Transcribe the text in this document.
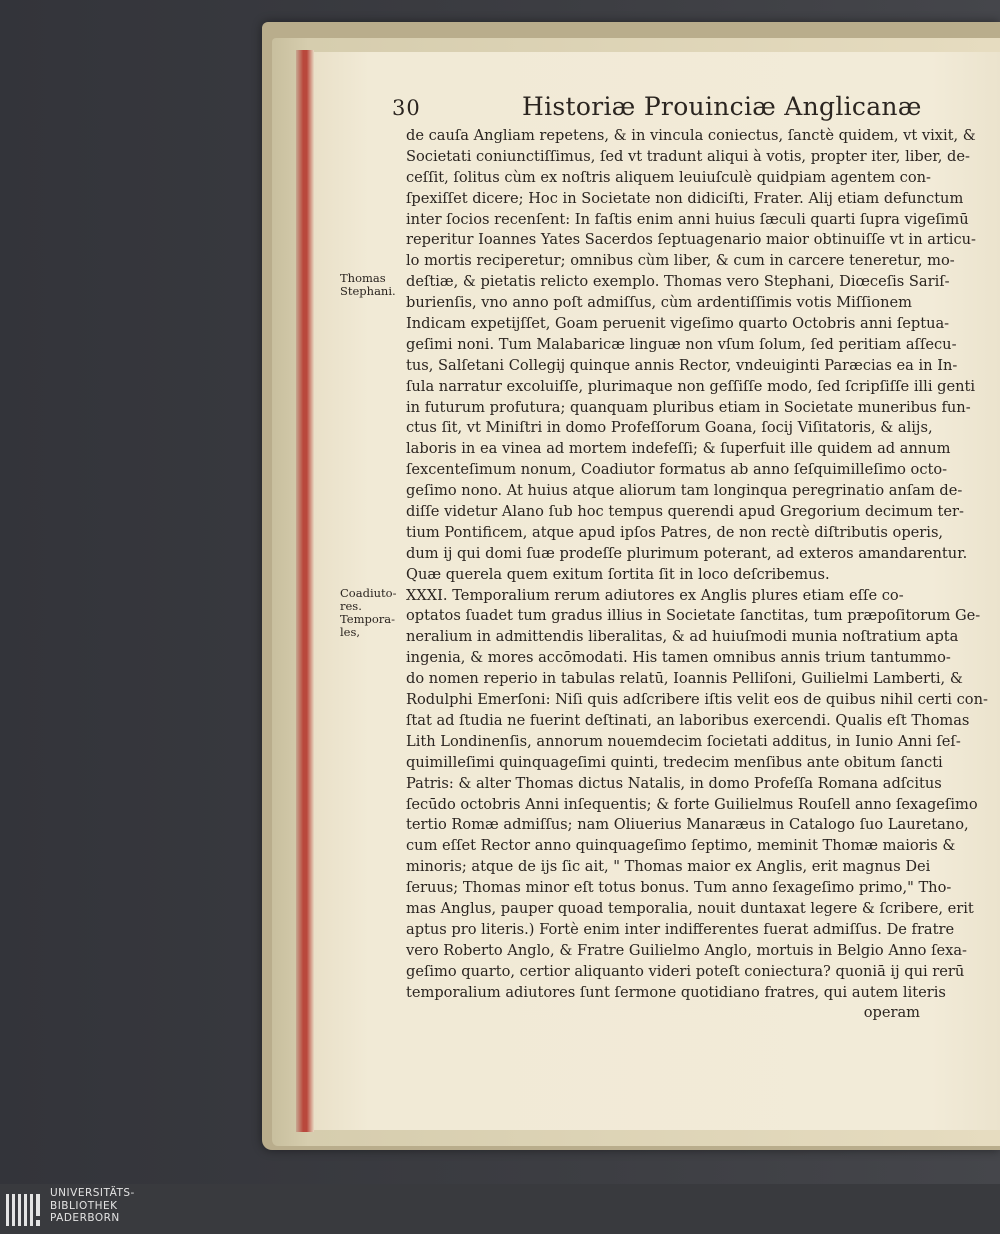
30	Historiæ Prouinciæ Anglicanæ
Thomas
Stephani.
Coadiuto-
res.
Tempora-
les,
de cauſa Angliam repetens, & in vincula coniectus, ſanctè quidem, vt vixit, &
Societati coniunctiſſimus, ſed vt tradunt aliqui à votis, propter iter, liber, de-
ceſſit, ſolitus cùm ex noſtris aliquem leuiuſculè quidpiam agentem con-
ſpexiſſet dicere; Hoc in Societate non didiciſti, Frater. Alij etiam defunctum
inter ſocios recenſent: In faſtis enim anni huius ſæculi quarti ſupra vigeſimū
reperitur Ioannes Yates Sacerdos ſeptuagenario maior obtinuiſſe vt in articu-
lo mortis reciperetur; omnibus cùm liber, & cum in carcere teneretur, mo-
deſtiæ, & pietatis relicto exemplo. Thomas vero Stephani, Diœceſis Sariſ-
burienſis, vno anno poſt admiſſus, cùm ardentiſſimis votis Miſſionem
Indicam expetijſſet, Goam peruenit vigeſimo quarto Octobris anni ſeptua-
geſimi noni. Tum Malabaricæ linguæ non vſum ſolum, ſed peritiam aſſecu-
tus, Salſetani Collegij quinque annis Rector, vndeuiginti Paræcias ea in In-
ſula narratur excoluiſſe, plurimaque non geſſiſſe modo, ſed ſcripſiſſe illi genti
in futurum profutura; quanquam pluribus etiam in Societate muneribus fun-
ctus ſit, vt Miniſtri in domo Profeſſorum Goana, ſocij Viſitatoris, & alijs,
laboris in ea vinea ad mortem indefeſſi; & ſuperfuit ille quidem ad annum
ſexcenteſimum nonum, Coadiutor formatus ab anno ſeſquimilleſimo octo-
geſimo nono. At huius atque aliorum tam longinqua peregrinatio anſam de-
diſſe videtur Alano ſub hoc tempus querendi apud Gregorium decimum ter-
tium Pontificem, atque apud ipſos Patres, de non rectè diſtributis operis,
dum ij qui domi ſuæ prodeſſe plurimum poterant, ad exteros amandarentur.
Quæ querela quem exitum ſortita ſit in loco deſcribemus.
XXXI. Temporalium rerum adiutores ex Anglis plures etiam eſſe co-
optatos ſuadet tum gradus illius in Societate ſanctitas, tum præpoſitorum Ge-
neralium in admittendis liberalitas, & ad huiuſmodi munia noſtratium apta
ingenia, & mores accōmodati. His tamen omnibus annis trium tantummo-
do nomen reperio in tabulas relatū, Ioannis Pelliſoni, Guilielmi Lamberti, &
Rodulphi Emerſoni: Niſi quis adſcribere iſtis velit eos de quibus nihil certi con-
ſtat ad ſtudia ne fuerint deſtinati, an laboribus exercendi. Qualis eſt Thomas
Lith Londinenſis, annorum nouemdecim ſocietati additus, in Iunio Anni ſeſ-
quimilleſimi quinquageſimi quinti, tredecim menſibus ante obitum ſancti
Patris: & alter Thomas dictus Natalis, in domo Profeſſa Romana adſcitus
ſecūdo octobris Anni inſequentis; & forte Guilielmus Rouſell anno ſexageſimo
tertio Romæ admiſſus; nam Oliuerius Manaræus in Catalogo ſuo Lauretano,
cum eſſet Rector anno quinquageſimo ſeptimo, meminit Thomæ maioris &
minoris; atque de ijs ſic ait, " Thomas maior ex Anglis, erit magnus Dei
ſeruus; Thomas minor eſt totus bonus. Tum anno ſexageſimo primo," Tho-
mas Anglus, pauper quoad temporalia, nouit duntaxat legere & ſcribere, erit
aptus pro literis.) Fortè enim inter indifferentes fuerat admiſſus. De fratre
vero Roberto Anglo, & Fratre Guilielmo Anglo, mortuis in Belgio Anno ſexa-
geſimo quarto, certior aliquanto videri poteſt coniectura? quoniā ij qui rerū
temporalium adiutores ſunt ſermone quotidiano fratres, qui autem literis
operam
UNIVERSITÄTS-
BIBLIOTHEK
PADERBORN
